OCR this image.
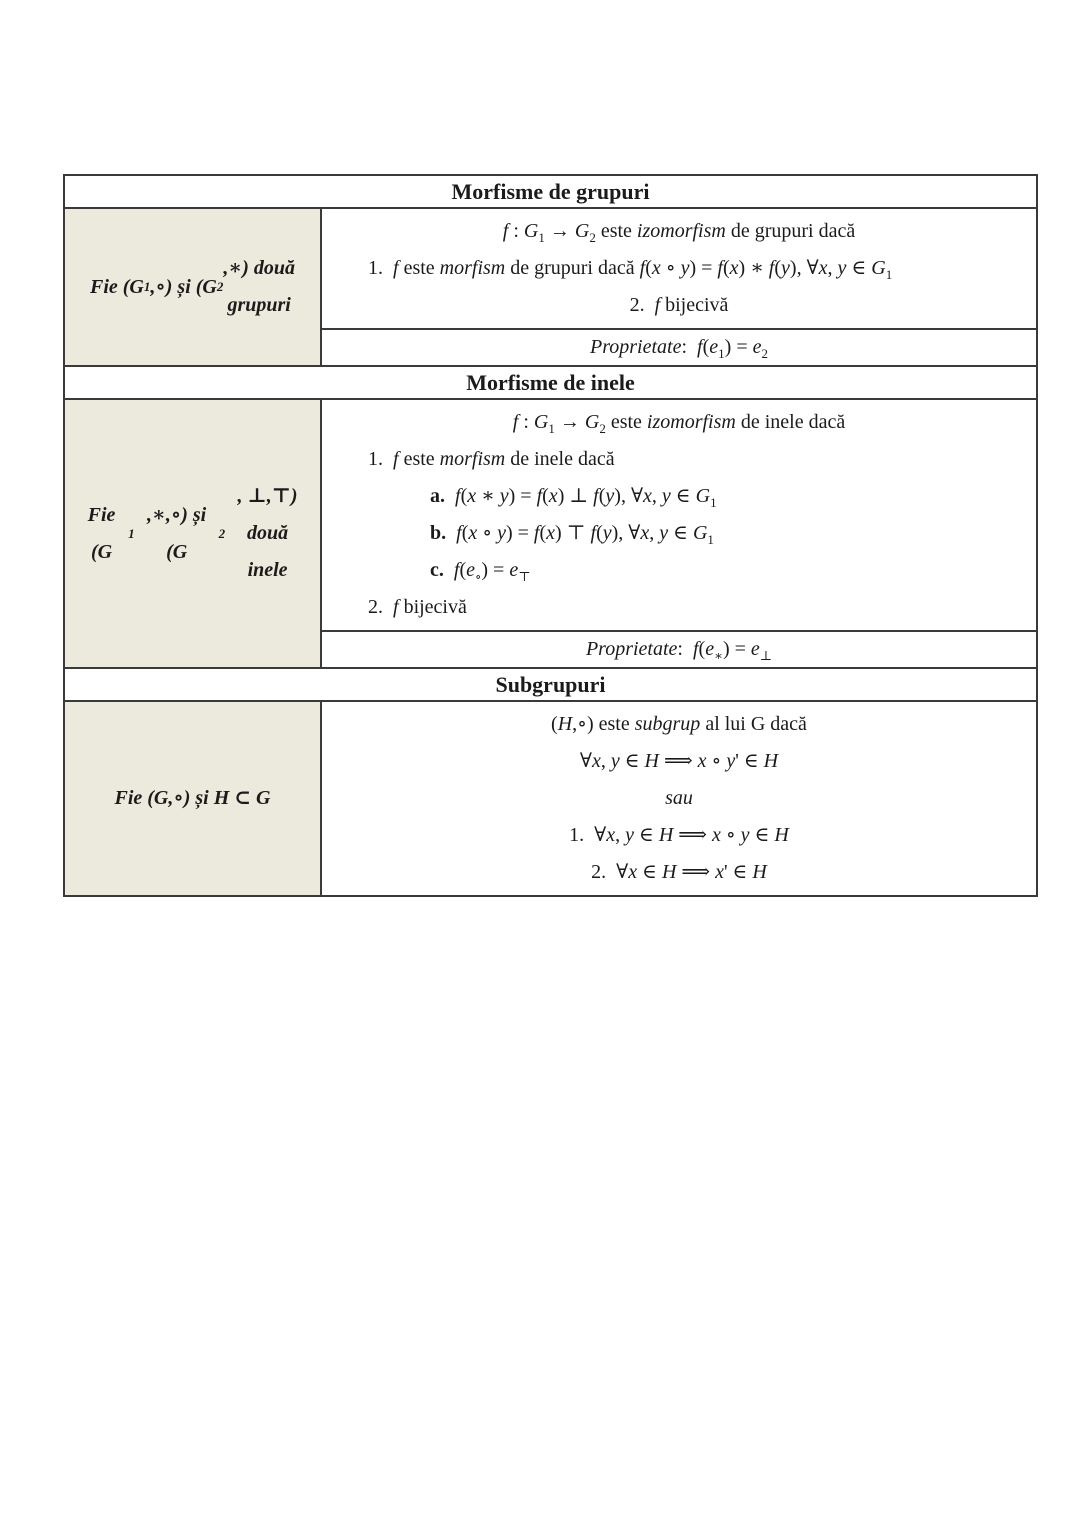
Morfisme de grupuri
Fie (G 1 ,∘) și (G 2
,∗) două
grupuri
f : $G_1 \to G_2$ este izomorfism de grupuri dacă
1.  f este morfism de grupuri dacă f(x ∘ y) = f(x) ∗ f(y), ∀x, y ∈ $G_1$
2.  f bijecivă
Proprietate:  $f(e_1) = e_2$
Morfisme de inele
Fie (G
1
,∗,∘) și (G
2
, ⊥,⊤)
două inele
f : $G_1 \to G_2$ este izomorfism de inele dacă
1.  f este morfism de inele dacă
a. f(x ∗ y) = f(x) ⊥ f(y), ∀x, y ∈ $G_1$
b. f(x ∘ y) = f(x) ⊤ f(y), ∀x, y ∈ $G_1$
c. $f(e_\circ) = e_⊤$
2.  f bijecivă
Proprietate:  $f(e_∗) = e_\perp$
Subgrupuri
Fie (G,∘) și H ⊂ G
(H,∘) este subgrup al lui G dacă
∀x, y ∈ H ⟹ x ∘ y' ∈ H
sau
1.  ∀x, y ∈ H ⟹ x ∘ y ∈ H
2.  ∀x ∈ H ⟹ x' ∈ H
